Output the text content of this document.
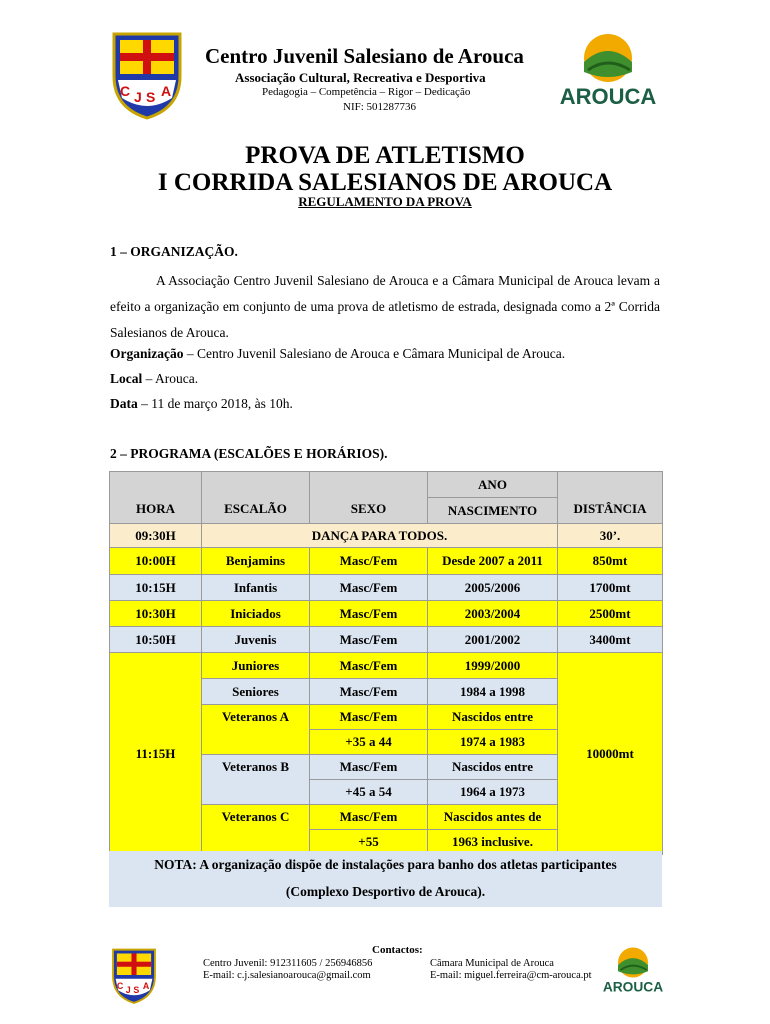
C J S A	AROUCA
Centro Juvenil Salesiano de Arouca
Associação Cultural, Recreativa e Desportiva
Pedagogia – Competência – Rigor – Dedicação
NIF: 501287736
PROVA DE ATLETISMO
I CORRIDA SALESIANOS DE AROUCA
REGULAMENTO DA PROVA
1 – ORGANIZAÇÃO.
A Associação Centro Juvenil Salesiano de Arouca e a Câmara Municipal de Arouca levam a efeito a organização em conjunto de uma prova de atletismo de estrada, designada como a 2ª Corrida Salesianos de Arouca.
Organização – Centro Juvenil Salesiano de Arouca e Câmara Municipal de Arouca.
Local – Arouca.
Data – 11 de março 2018, às 10h.
2 – PROGRAMA (ESCALÕES E HORÁRIOS).
HORA	ESCALÃO	SEXO	ANO	DISTÂNCIA
			NASCIMENTO	
09:30H	DANÇA PARA TODOS.			30’.
10:00H	Benjamins	Masc/Fem	Desde 2007 a 2011	850mt
10:15H	Infantis	Masc/Fem	2005/2006	1700mt
10:30H	Iniciados	Masc/Fem	2003/2004	2500mt
10:50H	Juvenis	Masc/Fem	2001/2002	3400mt
11:15H	Juniores	Masc/Fem	1999/2000	10000mt
	Seniores	Masc/Fem	1984 a 1998	
	Veteranos A	Masc/Fem	Nascidos entre	
		+35 a 44	1974 a 1983	
	Veteranos B	Masc/Fem	Nascidos entre	
		+45 a 54	1964 a 1973	
	Veteranos C	Masc/Fem	Nascidos antes de	
		+55	1963 inclusive.	
NOTA: A organização dispõe de instalações para banho dos atletas participantes
(Complexo Desportivo de Arouca).
C J S A
Contactos:
Centro Juvenil: 912311605 / 256946856
E-mail: c.j.salesianoarouca@gmail.com
Câmara Municipal de Arouca
E-mail: miguel.ferreira@cm-arouca.pt
AROUCA
